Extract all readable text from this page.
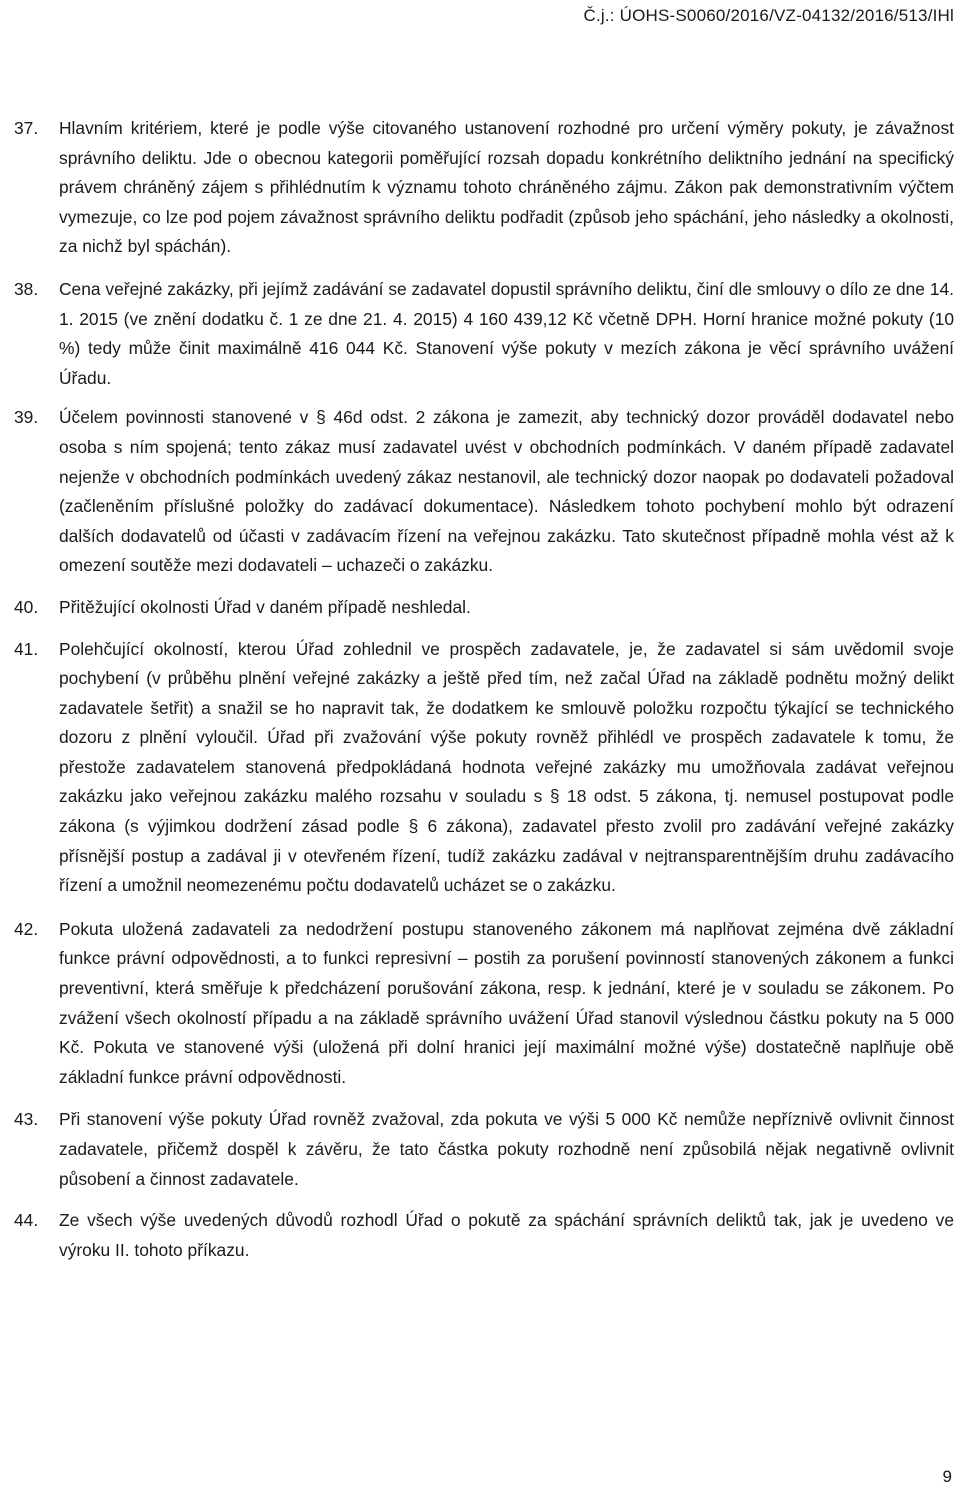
Č.j.: ÚOHS-S0060/2016/VZ-04132/2016/513/IHl
37.	Hlavním kritériem, které je podle výše citovaného ustanovení rozhodné pro určení výměry pokuty, je závažnost správního deliktu. Jde o obecnou kategorii poměřující rozsah dopadu konkrétního deliktního jednání na specifický právem chráněný zájem s přihlédnutím k významu tohoto chráněného zájmu. Zákon pak demonstrativním výčtem vymezuje, co lze pod pojem závažnost správního deliktu podřadit (způsob jeho spáchání, jeho následky a okolnosti, za nichž byl spáchán).
38.	Cena veřejné zakázky, při jejímž zadávání se zadavatel dopustil správního deliktu, činí dle smlouvy o dílo ze dne 14. 1. 2015 (ve znění dodatku č. 1 ze dne 21. 4. 2015) 4 160 439,12 Kč včetně DPH. Horní hranice možné pokuty (10 %) tedy může činit maximálně 416 044 Kč. Stanovení výše pokuty v mezích zákona je věcí správního uvážení Úřadu.
39.	Účelem povinnosti stanovené v § 46d odst. 2 zákona je zamezit, aby technický dozor prováděl dodavatel nebo osoba s ním spojená; tento zákaz musí zadavatel uvést v obchodních podmínkách. V daném případě zadavatel nejenže v obchodních podmínkách uvedený zákaz nestanovil, ale technický dozor naopak po dodavateli požadoval (začleněním příslušné položky do zadávací dokumentace). Následkem tohoto pochybení mohlo být odrazení dalších dodavatelů od účasti v zadávacím řízení na veřejnou zakázku. Tato skutečnost případně mohla vést až k omezení soutěže mezi dodavateli – uchazeči o zakázku.
40.	Přitěžující okolnosti Úřad v daném případě neshledal.
41.	Polehčující okolností, kterou Úřad zohlednil ve prospěch zadavatele, je, že zadavatel si sám uvědomil svoje pochybení (v průběhu plnění veřejné zakázky a ještě před tím, než začal Úřad na základě podnětu možný delikt zadavatele šetřit) a snažil se ho napravit tak, že dodatkem ke smlouvě položku rozpočtu týkající se technického dozoru z plnění vyloučil. Úřad při zvažování výše pokuty rovněž přihlédl ve prospěch zadavatele k tomu, že přestože zadavatelem stanovená předpokládaná hodnota veřejné zakázky mu umožňovala zadávat veřejnou zakázku jako veřejnou zakázku malého rozsahu v souladu s § 18 odst. 5 zákona, tj. nemusel postupovat podle zákona (s výjimkou dodržení zásad podle § 6 zákona), zadavatel přesto zvolil pro zadávání veřejné zakázky přísnější postup a zadával ji v otevřeném řízení, tudíž zakázku zadával v nejtransparentnějším druhu zadávacího řízení a umožnil neomezenému počtu dodavatelů ucházet se o zakázku.
42.	Pokuta uložená zadavateli za nedodržení postupu stanoveného zákonem má naplňovat zejména dvě základní funkce právní odpovědnosti, a to funkci represivní – postih za porušení povinností stanovených zákonem a funkci preventivní, která směřuje k předcházení porušování zákona, resp. k jednání, které je v souladu se zákonem. Po zvážení všech okolností případu a na základě správního uvážení Úřad stanovil výslednou částku pokuty na 5 000 Kč. Pokuta ve stanovené výši (uložená při dolní hranici její maximální možné výše) dostatečně naplňuje obě základní funkce právní odpovědnosti.
43.	Při stanovení výše pokuty Úřad rovněž zvažoval, zda pokuta ve výši 5 000 Kč nemůže nepříznivě ovlivnit činnost zadavatele, přičemž dospěl k závěru, že tato částka pokuty rozhodně není způsobilá nějak negativně ovlivnit působení a činnost zadavatele.
44.	Ze všech výše uvedených důvodů rozhodl Úřad o pokutě za spáchání správních deliktů tak, jak je uvedeno ve výroku II. tohoto příkazu.
9
